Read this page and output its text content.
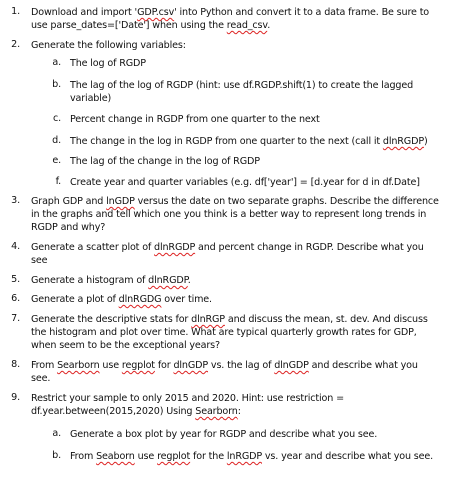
1. Download and import 'GDP.csv' into Python and convert it to a data frame. Be sure to
use parse_dates=['Date'] when using the read_csv.
2. Generate the following variables:
a. The log of RGDP
b. The lag of the log of RGDP (hint: use df.RGDP.shift(1) to create the lagged
variable)
c. Percent change in RGDP from one quarter to the next
d. The change in the log in RGDP from one quarter to the next (call it dlnRGDP)
e. The lag of the change in the log of RGDP
f. Create year and quarter variables (e.g. df['year'] = [d.year for d in df.Date]
3. Graph GDP and lnGDP versus the date on two separate graphs. Describe the difference
in the graphs and tell which one you think is a better way to represent long trends in
RGDP and why?
4. Generate a scatter plot of dlnRGDP and percent change in RGDP. Describe what you
see
5. Generate a histogram of dlnRGDP.
6. Generate a plot of dlnRGDG over time.
7. Generate the descriptive stats for dlnRGP and discuss the mean, st. dev. And discuss
the histogram and plot over time. What are typical quarterly growth rates for GDP,
when seem to be the exceptional years?
8. From Searborn use regplot for dlnGDP vs. the lag of dlnGDP and describe what you
see.
9. Restrict your sample to only 2015 and 2020. Hint: use restriction =
df.year.between(2015,2020) Using Searborn:
a. Generate a box plot by year for RGDP and describe what you see.
b. From Seaborn use regplot for the lnRGDP vs. year and describe what you see.
